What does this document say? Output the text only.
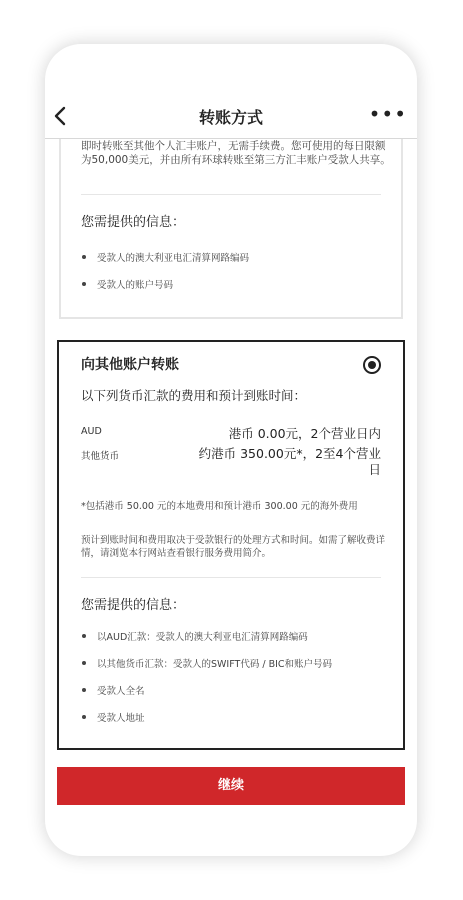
转账方式	•••
即时转账至其他个人汇丰账户，无需手续费。您可使用的每日限额为50,000美元，并由所有环球转账至第三方汇丰账户受款人共享。
您需提供的信息：
受款人的澳大利亚电汇清算网路编码
受款人的账户号码
向其他账户转账
以下列货币汇款的费用和预计到账时间：
AUD	港币 0.00元，2个营业日内
其他货币	约港币 350.00元*，2至4个营业日
*包括港币 50.00 元的本地费用和预计港币 300.00 元的海外费用
预计到账时间和费用取决于受款银行的处理方式和时间。如需了解收费详情，请浏览本行网站查看银行服务费用简介。
您需提供的信息：
以AUD汇款：受款人的澳大利亚电汇清算网路编码
以其他货币汇款：受款人的SWIFT代码 / BIC和账户号码
受款人全名
受款人地址
继续
